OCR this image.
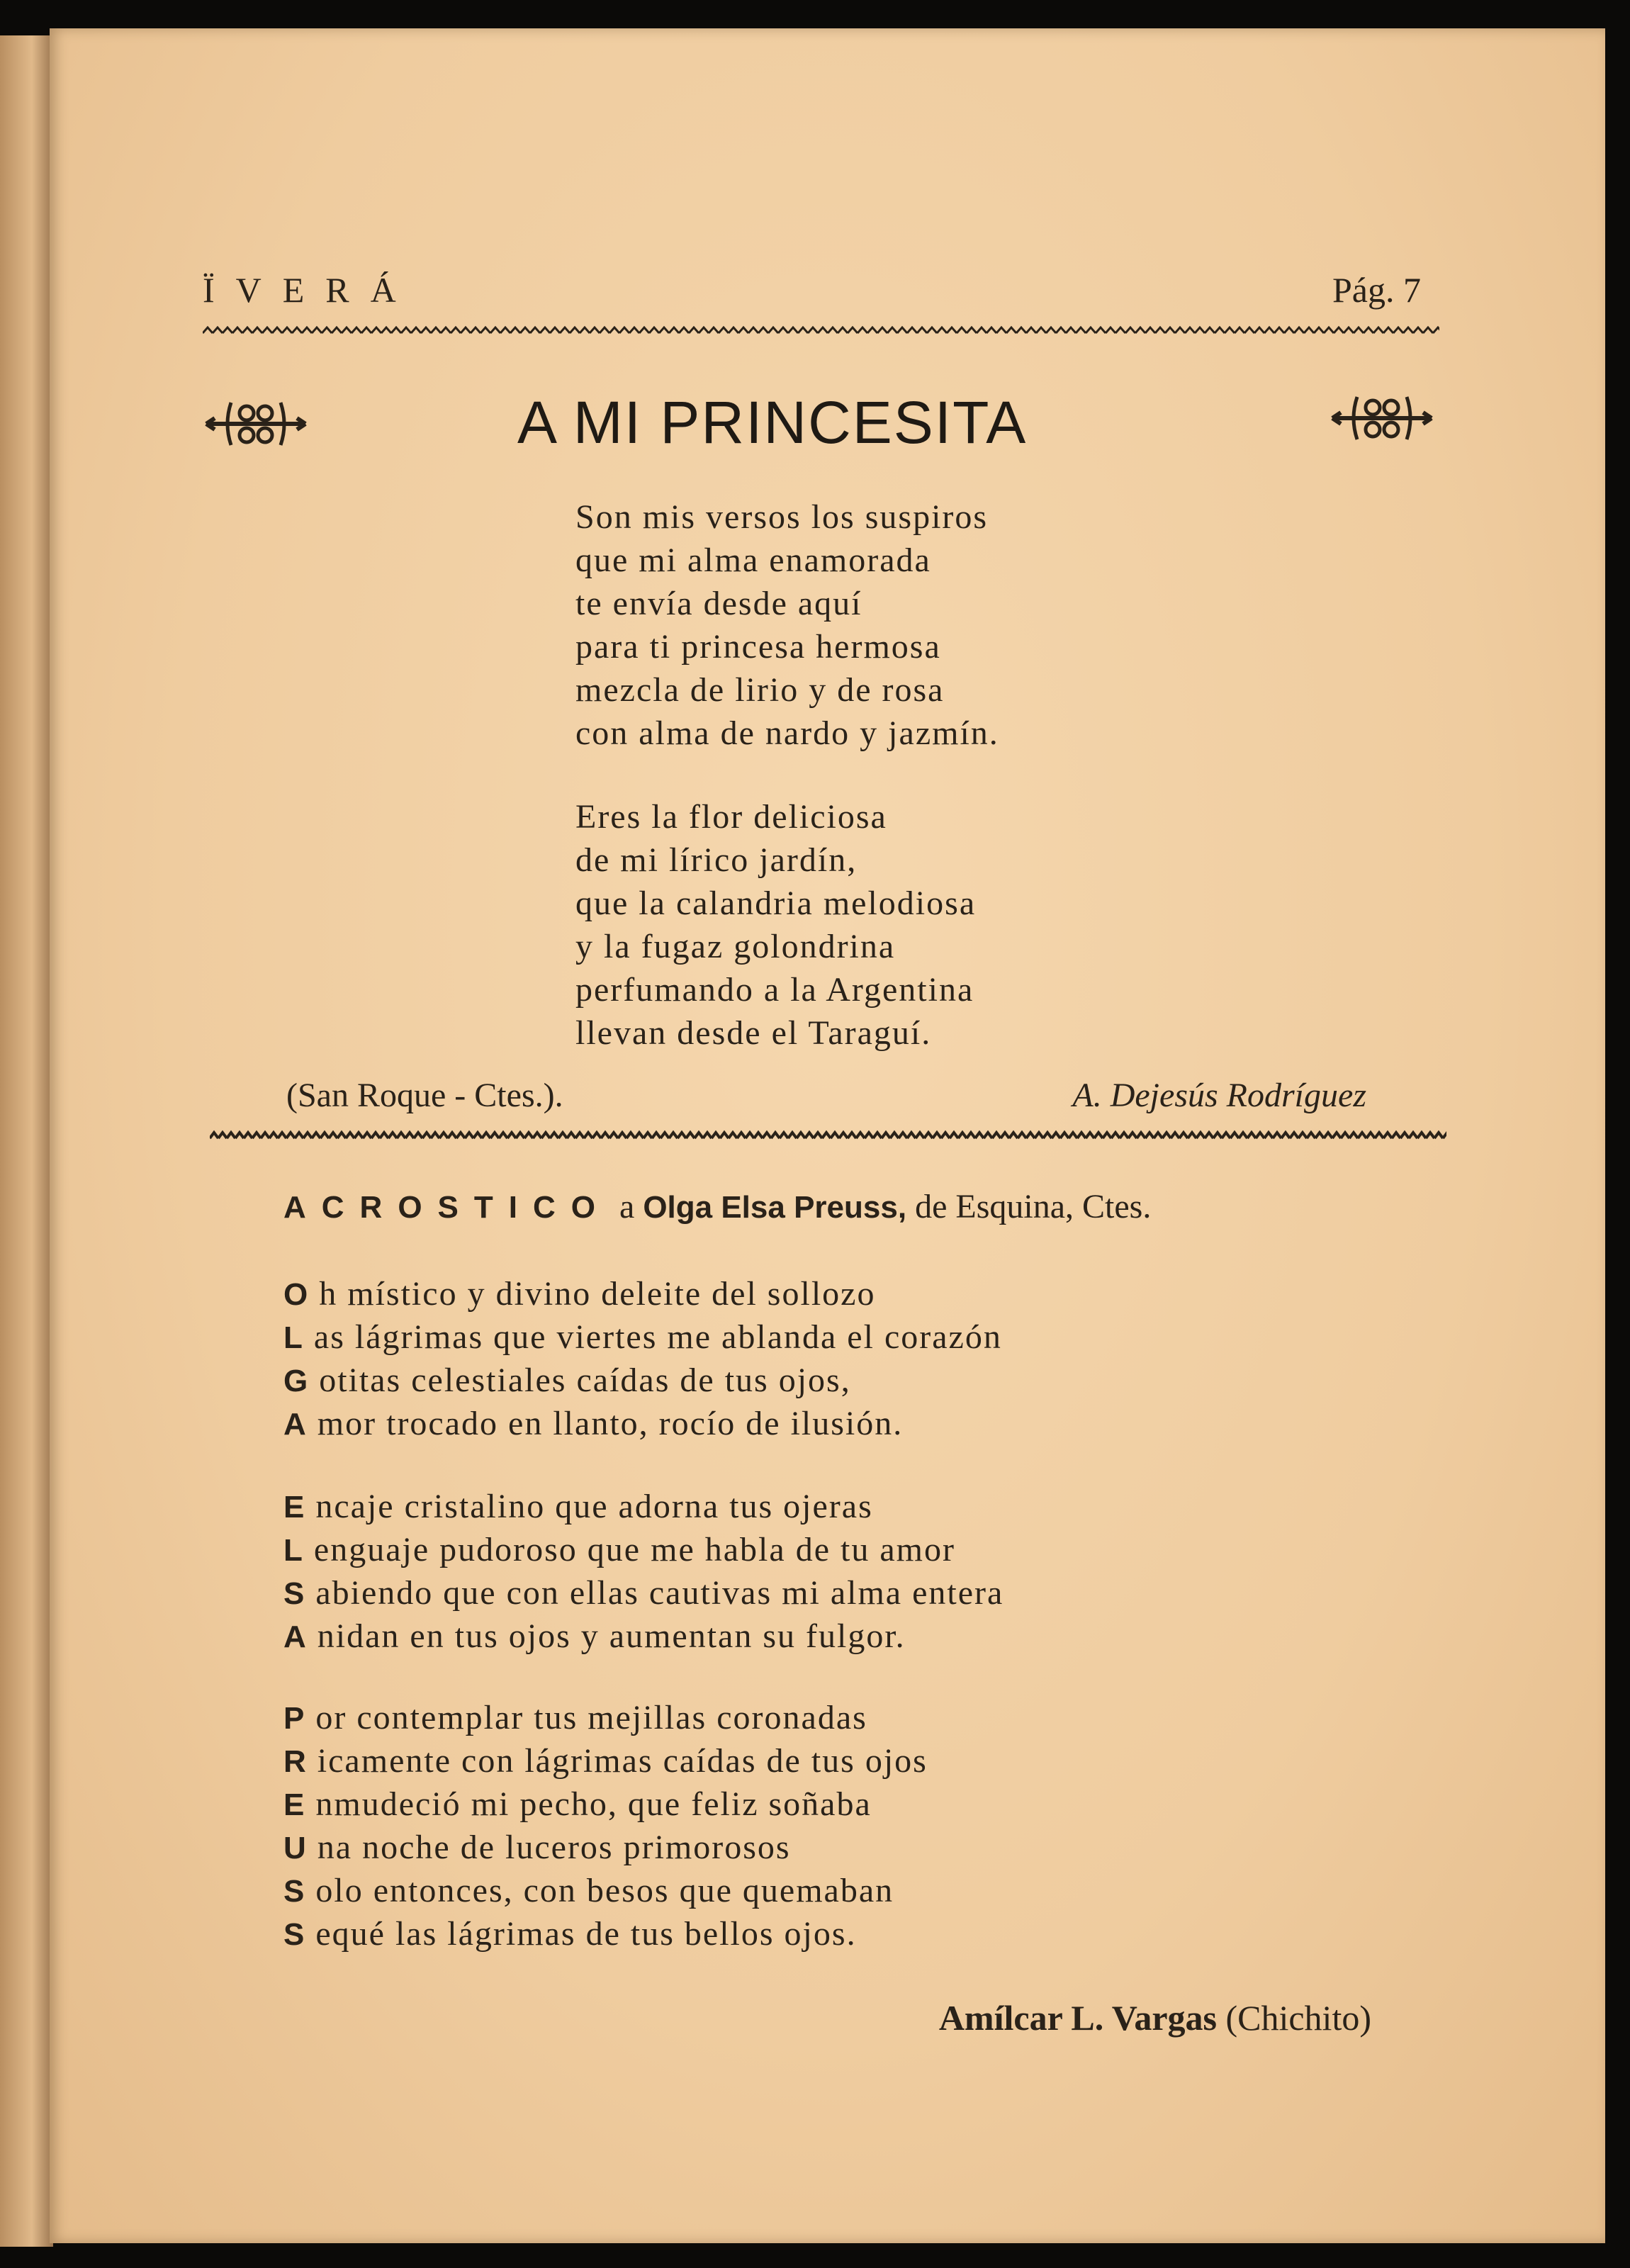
ÏVERÁ	Pág. 7
A MI PRINCESITA
Son mis versos los suspiros
que mi alma enamorada
te envía desde aquí
para ti princesa hermosa
mezcla de lirio y de rosa
con alma de nardo y jazmín.
Eres la flor deliciosa
de mi lírico jardín,
que la calandria melodiosa
y la fugaz golondrina
perfumando a la Argentina
llevan desde el Taraguí.
(San Roque - Ctes.).	A. Dejesús Rodríguez
ACROSTICO a Olga Elsa Preuss, de Esquina, Ctes.
O h místico y divino deleite del sollozo
L as lágrimas que viertes me ablanda el corazón
G otitas celestiales caídas de tus ojos,
A mor trocado en llanto, rocío de ilusión.
E ncaje cristalino que adorna tus ojeras
L enguaje pudoroso que me habla de tu amor
S abiendo que con ellas cautivas mi alma entera
A nidan en tus ojos y aumentan su fulgor.
P or contemplar tus mejillas coronadas
R icamente con lágrimas caídas de tus ojos
E nmudeció mi pecho, que feliz soñaba
U na noche de luceros primorosos
S olo entonces, con besos que quemaban
S equé las lágrimas de tus bellos ojos.
Amílcar L. Vargas (Chichito)
